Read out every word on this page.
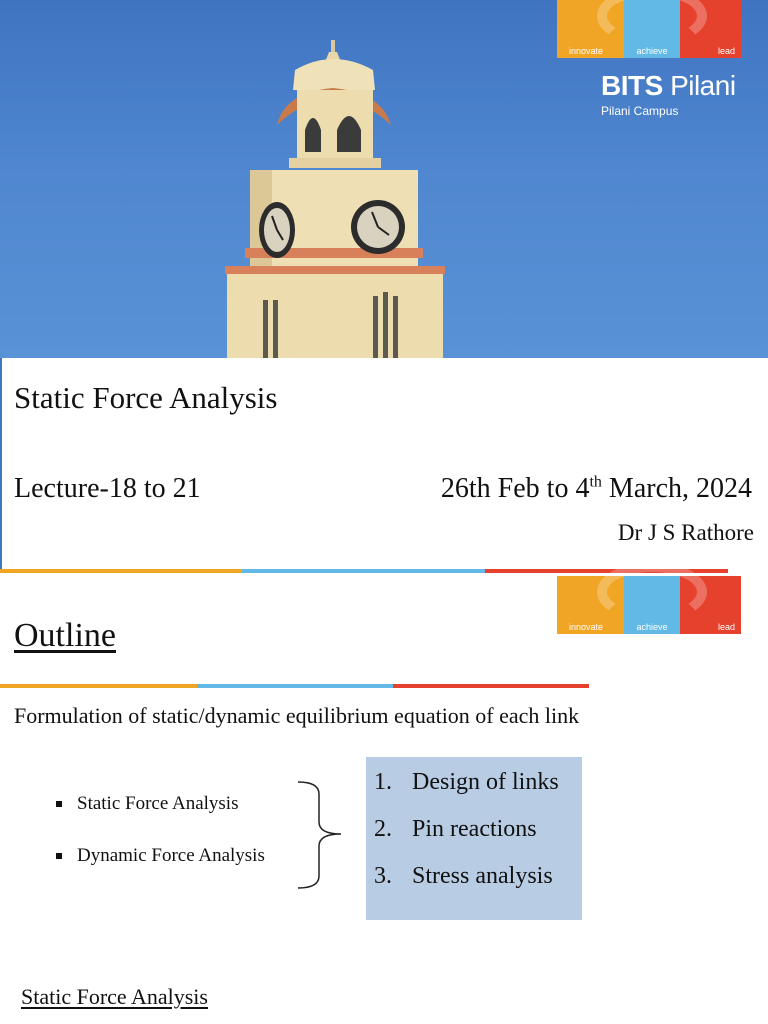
innovate	achieve	lead
BITS Pilani
Pilani Campus
Static Force Analysis
Lecture-18 to 21	26th Feb to 4th March, 2024
Dr J S Rathore
innovate	achieve	lead
Outline
Formulation of static/dynamic equilibrium equation of each link
Static Force Analysis
Dynamic Force Analysis
1. Design of links
2. Pin reactions
3. Stress analysis
Static Force Analysis
